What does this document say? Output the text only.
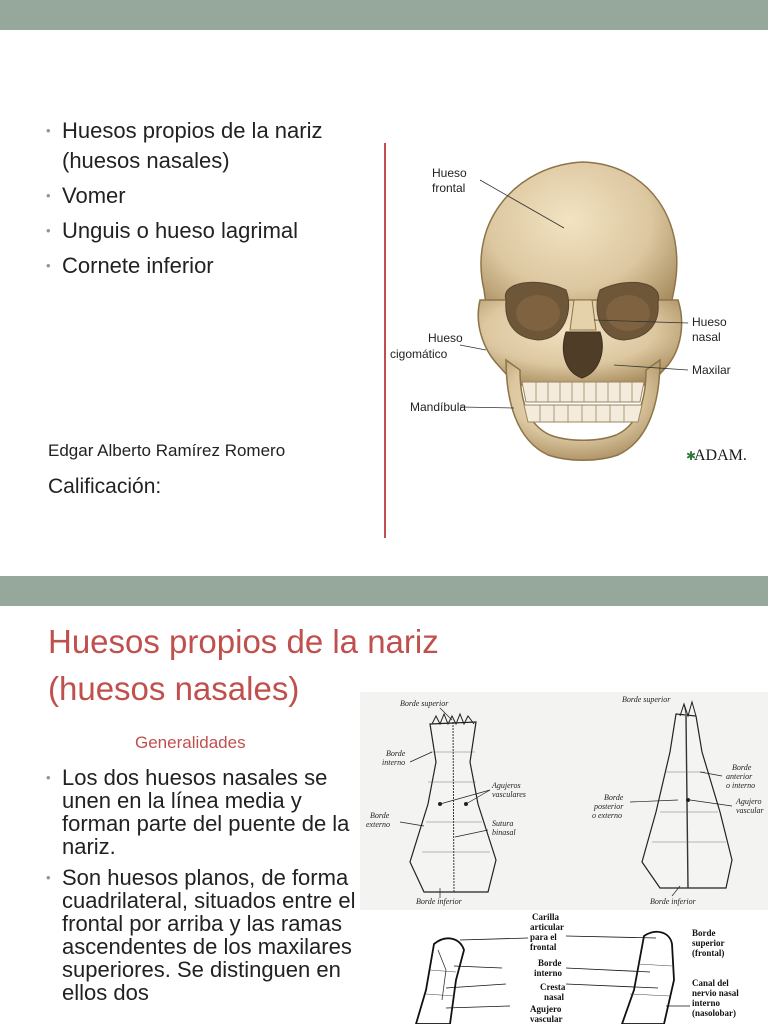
• Huesos propios de la nariz (huesos nasales)
• Vomer
• Unguis o hueso lagrimal
• Cornete inferior
Edgar Alberto Ramírez Romero
Calificación:
Hueso
frontal
Hueso
nasal
Hueso
cigomático
Maxilar
Mandíbula
ADAM.
✱
Huesos propios de la nariz (huesos nasales)
Generalidades
• Los dos huesos nasales se unen en la línea media y forman parte del puente de la nariz.
• Son huesos planos, de forma cuadrilateral, situados entre el frontal por arriba y las ramas ascendentes de los maxilares superiores. Se distinguen en ellos dos
Borde superior
Borde
interno
Agujeros
vasculares
Borde
externo	Sutura
binasal
Borde inferior
Borde superior
Borde
anterior
o interno
Borde
posterior
o externo
Agujero
vascular
Borde inferior
Carilla
articular
para el
frontal
Borde
interno
Cresta
nasal
Agujero
vascular
Borde
superior
(frontal)
Canal del
nervio nasal
interno
(nasolobar)
